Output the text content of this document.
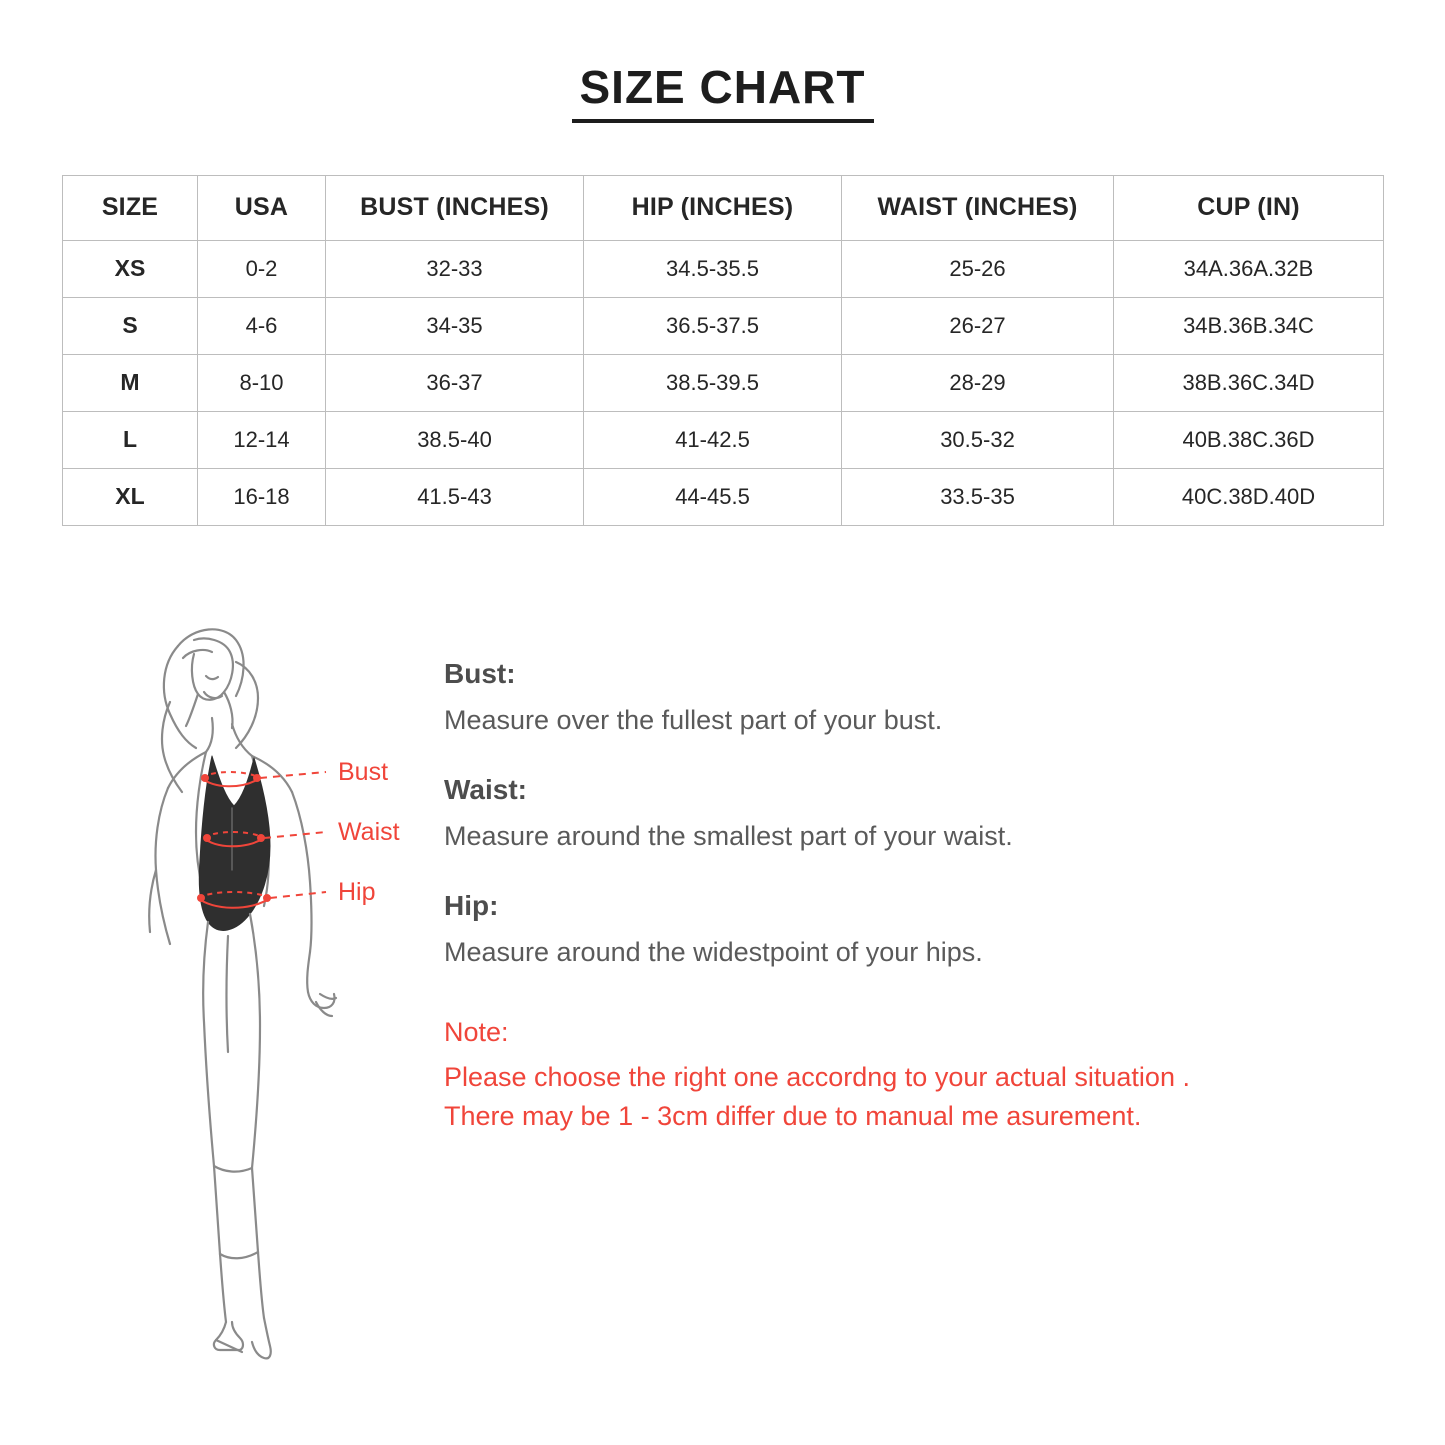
SIZE CHART
SIZE	USA	BUST (INCHES)	HIP (INCHES)	WAIST (INCHES)	CUP (IN)
XS	0-2	32-33	34.5-35.5	25-26	34A.36A.32B
S	4-6	34-35	36.5-37.5	26-27	34B.36B.34C
M	8-10	36-37	38.5-39.5	28-29	38B.36C.34D
L	12-14	38.5-40	41-42.5	30.5-32	40B.38C.36D
XL	16-18	41.5-43	44-45.5	33.5-35	40C.38D.40D
Bust
Waist
Hip
Bust:
Measure over the fullest part of your bust.
Waist:
Measure around the smallest part of your waist.
Hip:
Measure around the widestpoint of your hips.
Note:
Please choose the right one accordng to your actual situation .
There may be 1 - 3cm differ due to manual me asurement.
